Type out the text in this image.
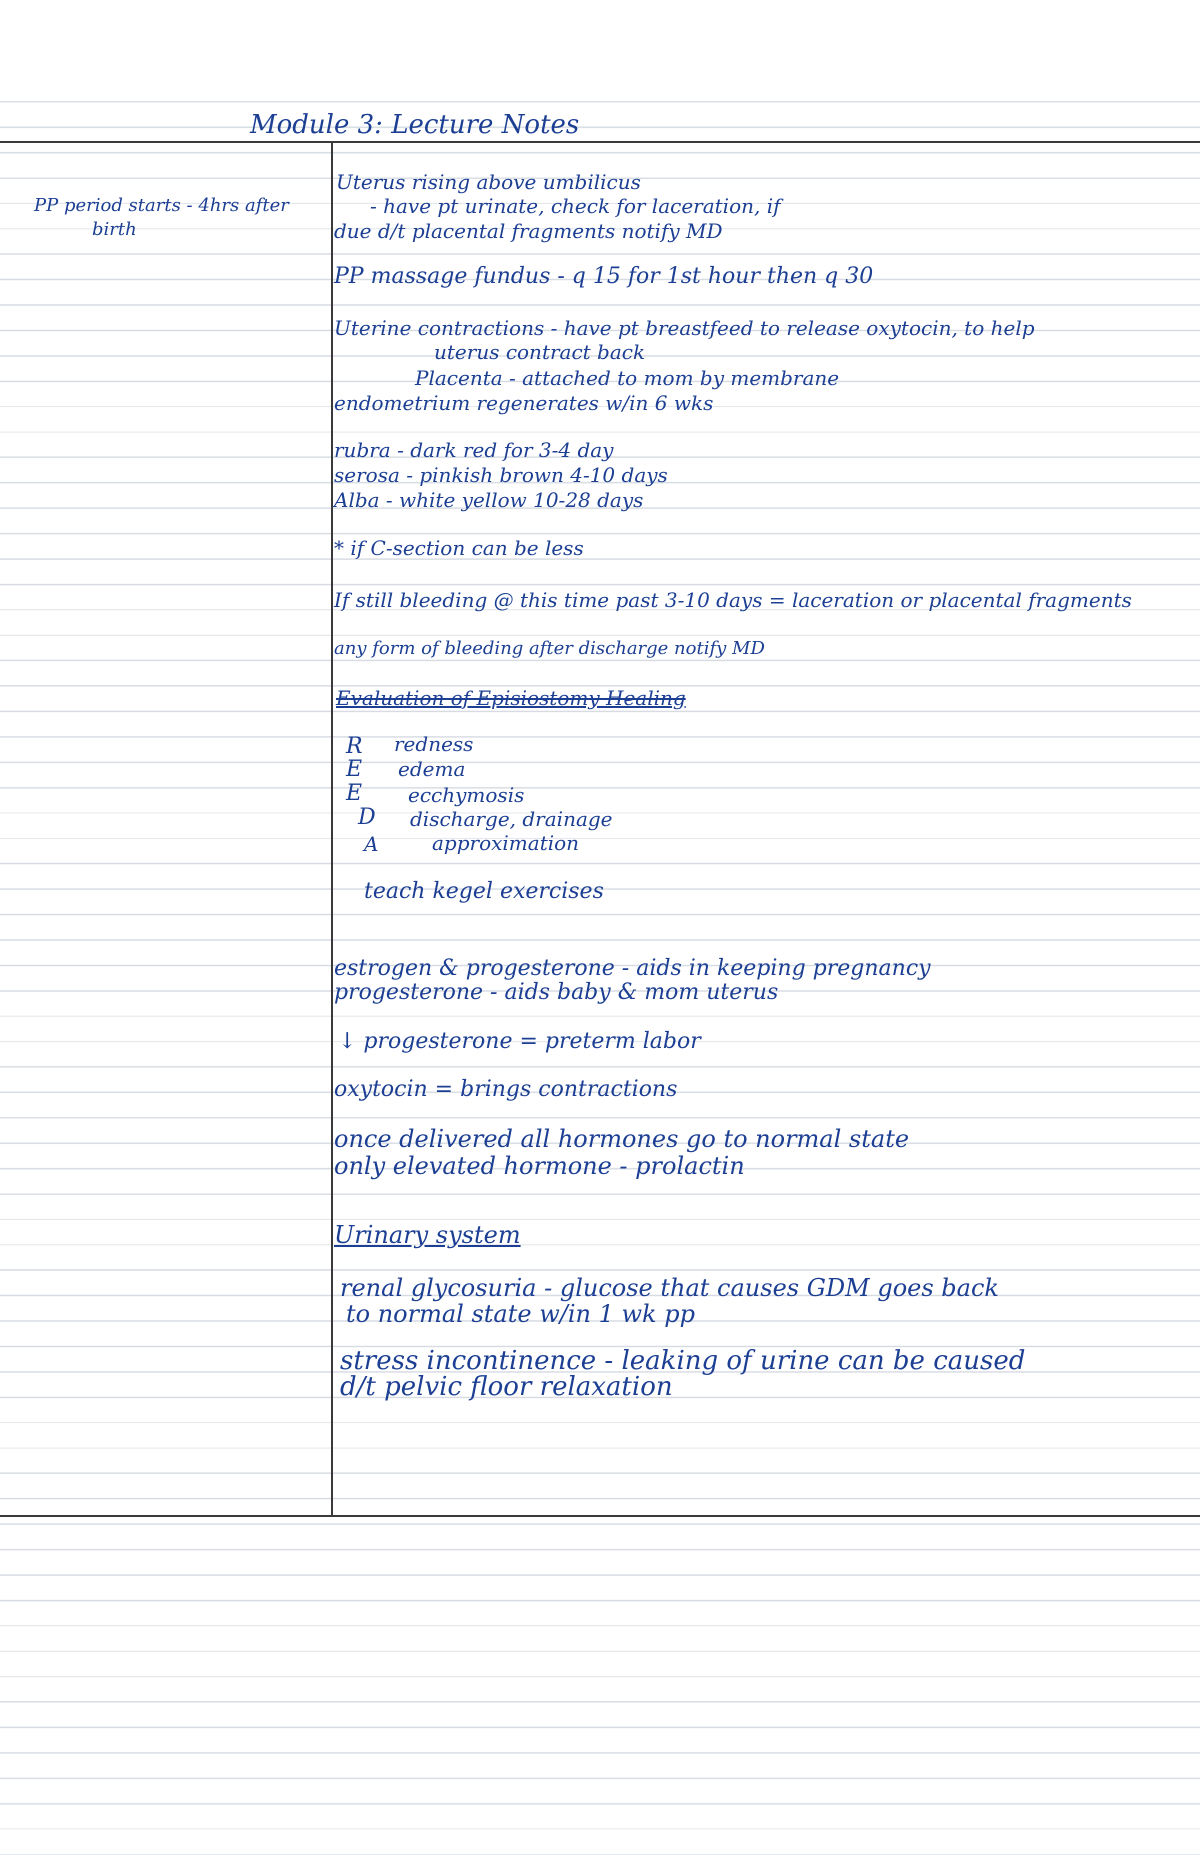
Module 3: Lecture Notes
PP period starts - 4hrs after
birth
Uterus rising above umbilicus
- have pt urinate, check for laceration, if
due d/t placental fragments notify MD
PP massage fundus - q 15 for 1st hour then q 30
Uterine contractions - have pt breastfeed to release oxytocin, to help
uterus contract back
Placenta - attached to mom by membrane
endometrium regenerates w/in 6 wks
rubra - dark red for 3-4 day
serosa - pinkish brown 4-10 days
Alba - white yellow 10-28 days
* if C-section can be less
If still bleeding @ this time past 3-10 days = laceration or placental fragments
any form of bleeding after discharge notify MD
Evaluation of Episiostomy Healing
R redness
E edema
E ecchymosis
D discharge, drainage
A	approximation
teach kegel exercises
estrogen & progesterone - aids in keeping pregnancy
progesterone - aids baby & mom uterus
↓ progesterone = preterm labor
oxytocin = brings contractions
once delivered all hormones go to normal state
only elevated hormone - prolactin
Urinary system
renal glycosuria - glucose that causes GDM goes back
to normal state w/in 1 wk pp
stress incontinence - leaking of urine can be caused
d/t pelvic floor relaxation
